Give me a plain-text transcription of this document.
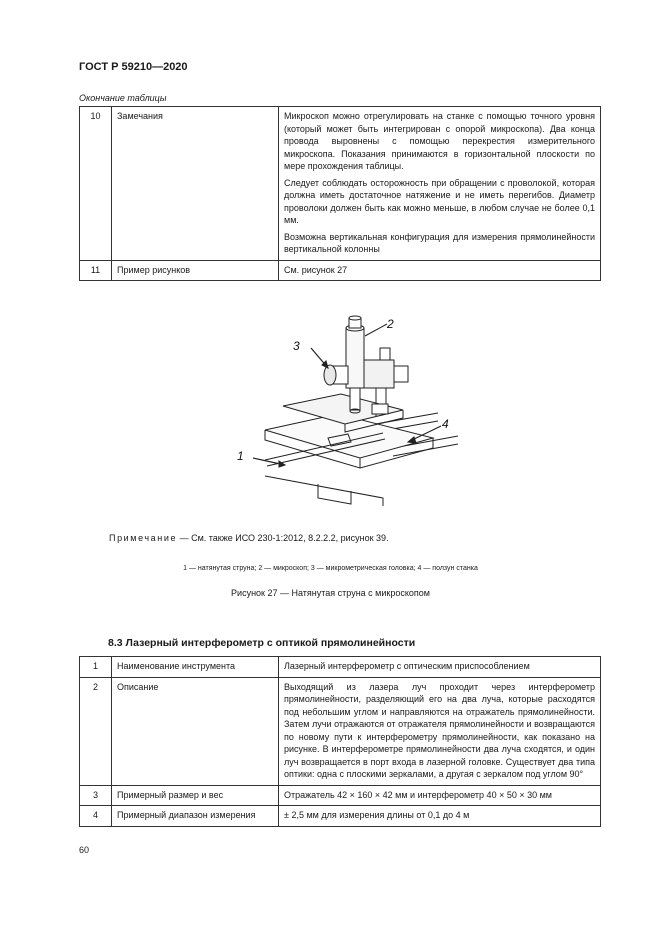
ГОСТ Р 59210—2020
Окончание таблицы
10	Замечания	Микроскоп можно отрегулировать на станке с помощью точного уровня (который может быть интегрирован с опорой микроскопа). Два конца провода выровнены с помощью перекрестия измерительного микроскопа. Показания принимаются в горизонтальной плоскости по мере прохождения таблицы.

Следует соблюдать осторожность при обращении с проволокой, которая должна иметь достаточное натяжение и не иметь перегибов. Диаметр проволоки должен быть как можно меньше, в любом случае не более 0,1 мм.

Возможна вертикальная конфигурация для измерения прямолинейности вертикальной колонны

11	Пример рисунков	См. рисунок 27
1
2
3
4
Примечание — См. также ИСО 230-1:2012, 8.2.2.2, рисунок 39.
1 — натянутая струна; 2 — микроскоп; 3 — микрометрическая головка; 4 — ползун станка
Рисунок 27 — Натянутая струна с микроскопом
8.3 Лазерный интерферометр с оптикой прямолинейности
1	Наименование инструмента	Лазерный интерферометр с оптическим приспособлением
2	Описание	Выходящий из лазера луч проходит через интерферометр прямолинейности, разделяющий его на два луча, которые расходятся под небольшим углом и направляются на отражатель прямолинейности. Затем лучи отражаются от отражателя прямолинейности и возвращаются по новому пути к интерферометру прямолинейности, как показано на рисунке. В интерферометре прямолинейности два луча сходятся, и один луч возвращается в порт входа в лазерной головке. Существует два типа оптики: одна с плоскими зеркалами, а другая с зеркалом под углом 90°
3	Примерный размер и вес	Отражатель 42 × 160 × 42 мм и интерферометр 40 × 50 × 30 мм
4	Примерный диапазон измерения	± 2,5 мм для измерения длины от 0,1 до 4 м
60
